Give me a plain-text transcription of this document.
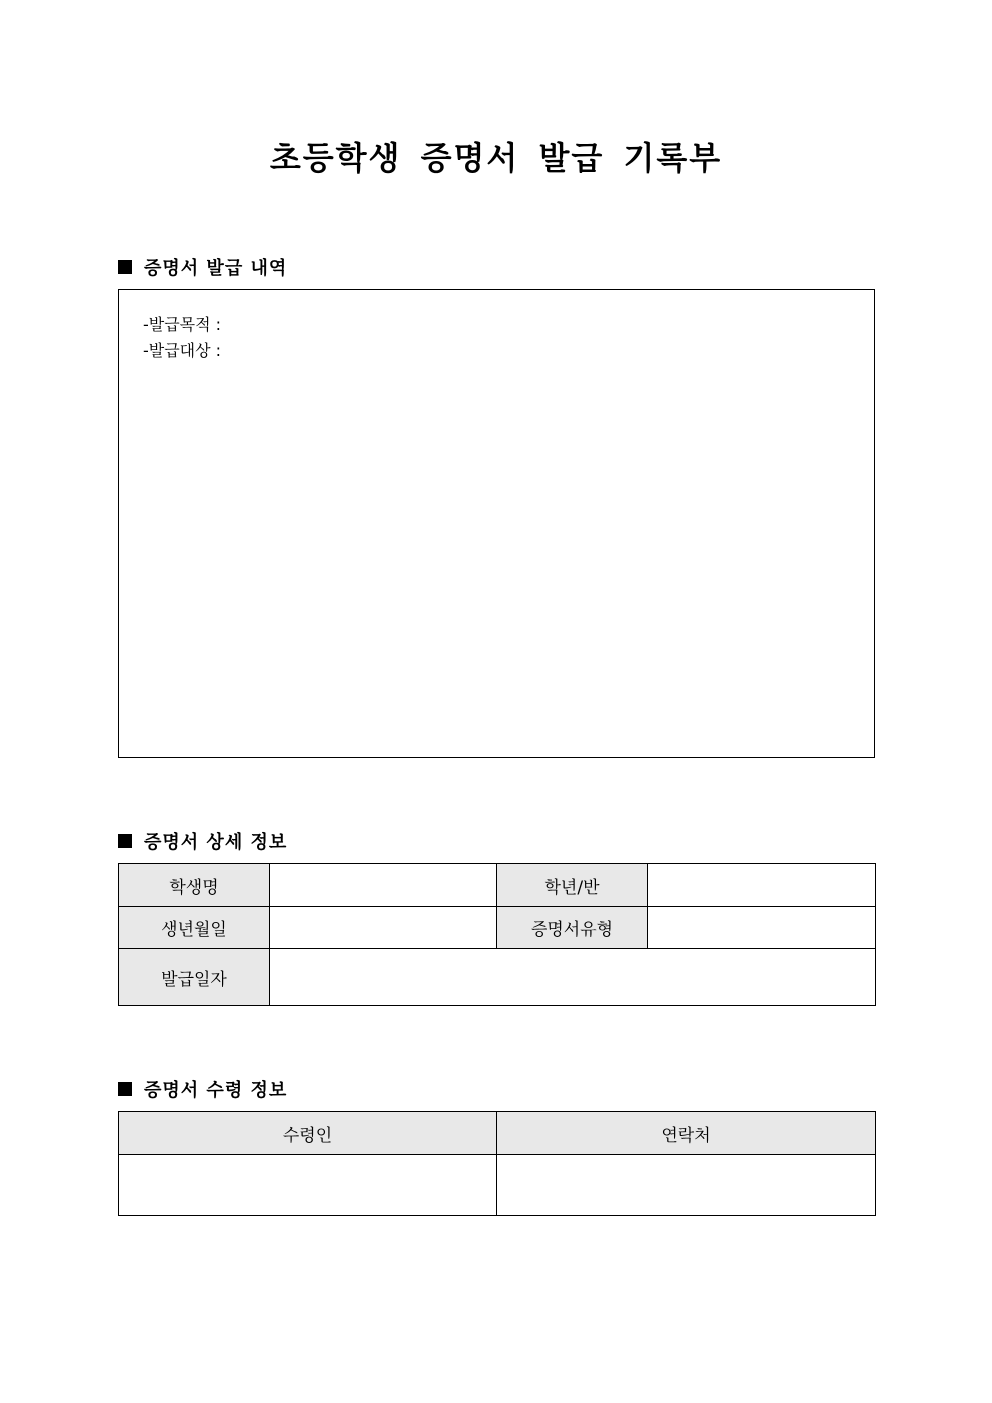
초등학생 증명서 발급 기록부
증명서 발급 내역
-발급목적 :
-발급대상 :
증명서 상세 정보
학생명		학년/반	
생년월일		증명서유형	
발급일자			
증명서 수령 정보
수령인	연락처
